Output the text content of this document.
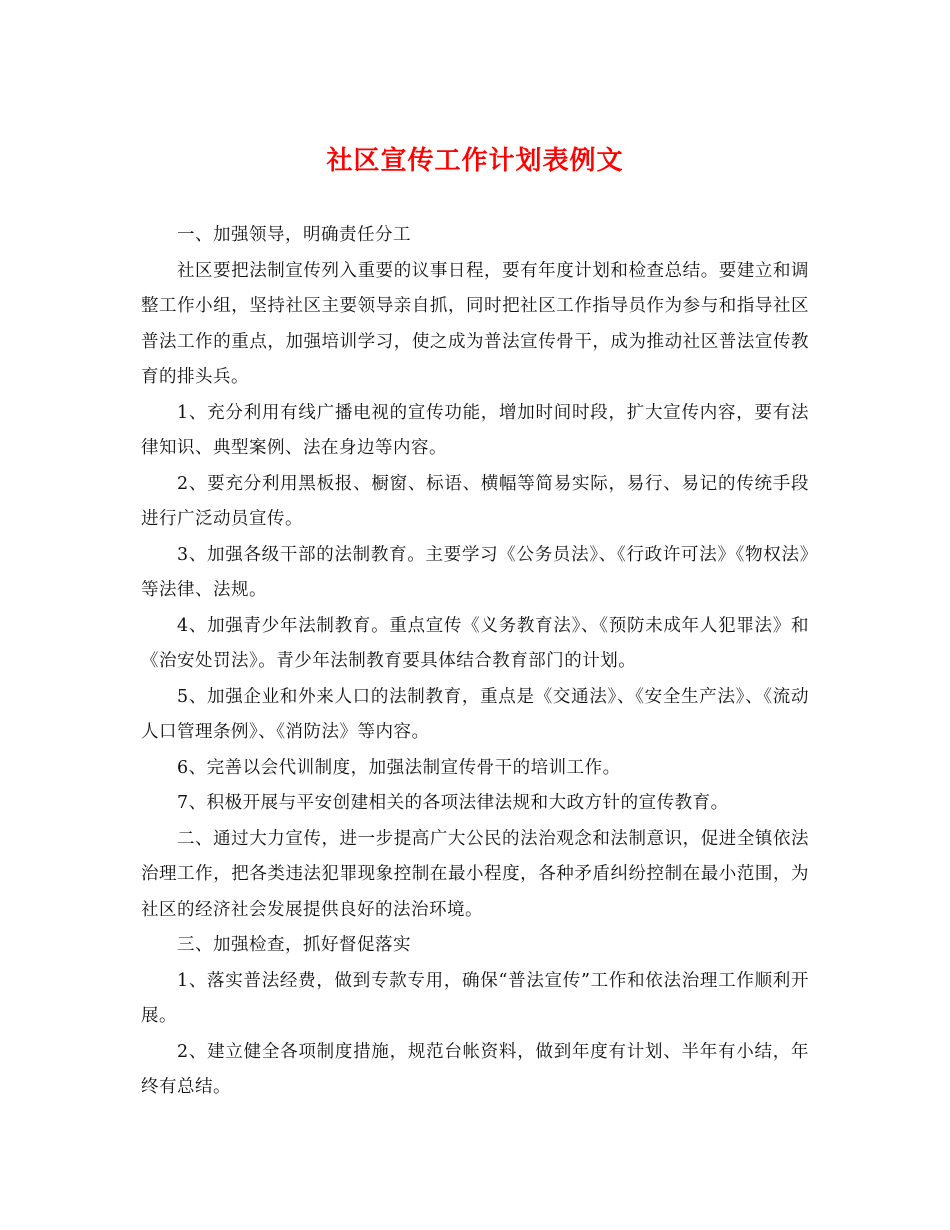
社区宣传工作计划表例文

一、加强领导，明确责任分工

社区要把法制宣传列入重要的议事日程，要有年度计划和检查总结。要建立和调整工作小组，坚持社区主要领导亲自抓，同时把社区工作指导员作为参与和指导社区普法工作的重点，加强培训学习，使之成为普法宣传骨干，成为推动社区普法宣传教育的排头兵。

1、充分利用有线广播电视的宣传功能，增加时间时段，扩大宣传内容，要有法律知识、典型案例、法在身边等内容。

2、要充分利用黑板报、橱窗、标语、横幅等简易实际，易行、易记的传统手段进行广泛动员宣传。

3、加强各级干部的法制教育。主要学习《公务员法》、《行政许可法》《物权法》等法律、法规。

4、加强青少年法制教育。重点宣传《义务教育法》、《预防未成年人犯罪法》和《治安处罚法》。青少年法制教育要具体结合教育部门的计划。

5、加强企业和外来人口的法制教育，重点是《交通法》、《安全生产法》、《流动人口管理条例》、《消防法》等内容。

6、完善以会代训制度，加强法制宣传骨干的培训工作。

7、积极开展与平安创建相关的各项法律法规和大政方针的宣传教育。

二、通过大力宣传，进一步提高广大公民的法治观念和法制意识，促进全镇依法治理工作，把各类违法犯罪现象控制在最小程度，各种矛盾纠纷控制在最小范围，为社区的经济社会发展提供良好的法治环境。

三、加强检查，抓好督促落实

1、落实普法经费，做到专款专用，确保“普法宣传”工作和依法治理工作顺利开展。

2、建立健全各项制度措施，规范台帐资料，做到年度有计划、半年有小结，年终有总结。
